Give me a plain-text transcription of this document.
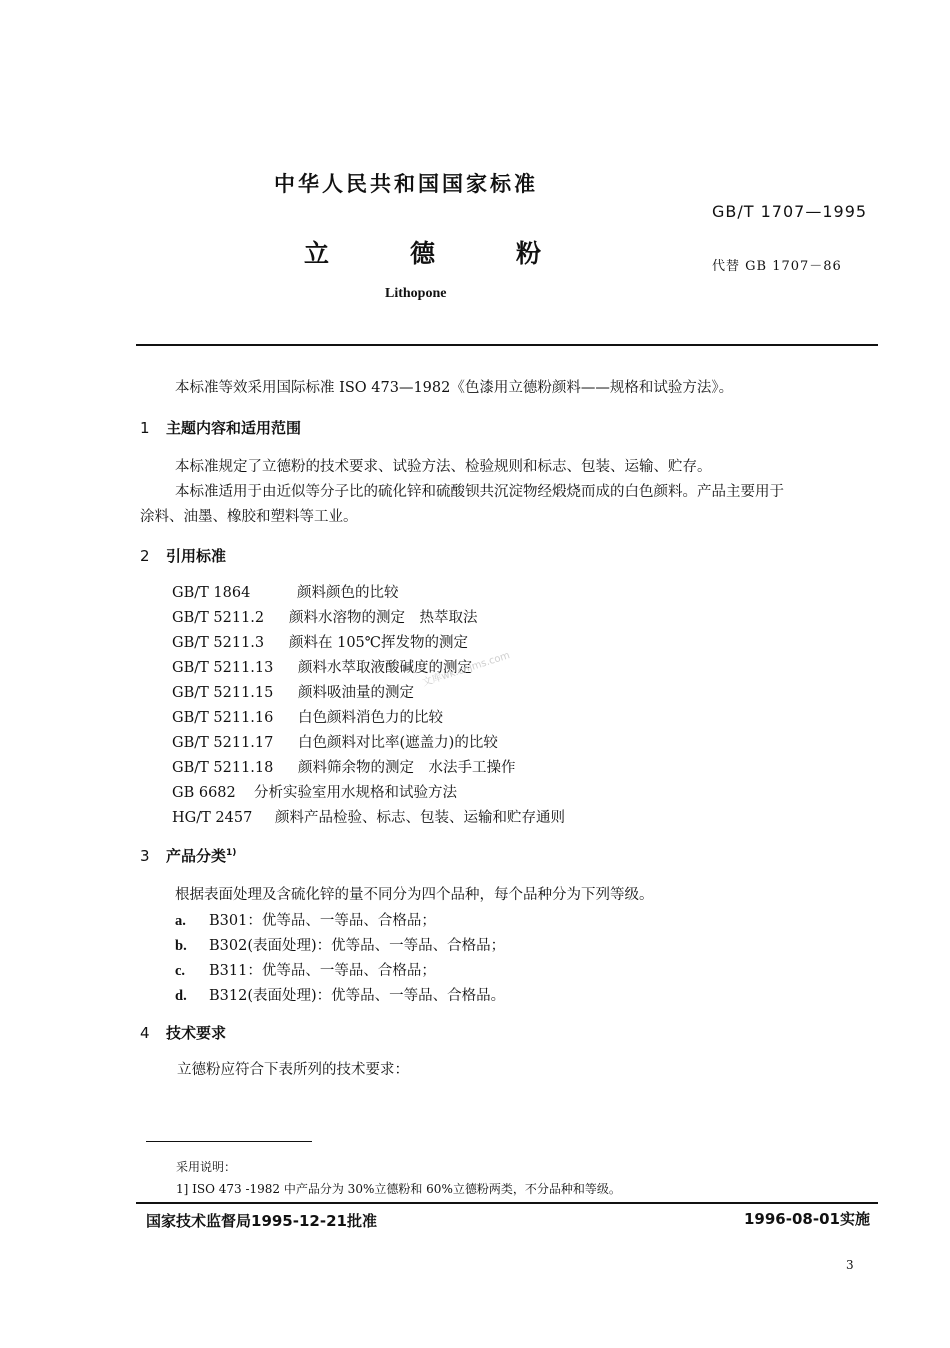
中华人民共和国国家标准
GB/T 1707—1995
立	德	粉	代替 GB 1707－86
Lithopone
本标准等效采用国际标准 ISO 473—1982《色漆用立德粉颜料——规格和试验方法》。
1 主题内容和适用范围
本标准规定了立德粉的技术要求、试验方法、检验规则和标志、包装、运输、贮存。
本标准适用于由近似等分子比的硫化锌和硫酸钡共沉淀物经煅烧而成的白色颜料。产品主要用于
涂料、油墨、橡胶和塑料等工业。
2 引用标准
GB/T 1864	颜料颜色的比较
GB/T 5211.2 颜料水溶物的测定　热萃取法
GB/T 5211.3 颜料在 105℃挥发物的测定
GB/T 5211.13 颜料水萃取液酸碱度的测定
GB/T 5211.15 颜料吸油量的测定
GB/T 5211.16 白色颜料消色力的比较
GB/T 5211.17 白色颜料对比率(遮盖力)的比较
GB/T 5211.18 颜料筛余物的测定　水法手工操作
GB 6682 分析实验室用水规格和试验方法
HG/T 2457 颜料产品检验、标志、包装、运输和贮存通则
文库wk.cnjms.com
3 产品分类$^{1)}$
根据表面处理及含硫化锌的量不同分为四个品种，每个品种分为下列等级。
a. B301：优等品、一等品、合格品；
b. B302(表面处理)：优等品、一等品、合格品；
c. B311：优等品、一等品、合格品；
d. B312(表面处理)：优等品、一等品、合格品。
4 技术要求
立德粉应符合下表所列的技术要求：
采用说明：
1] ISO 473 -1982 中产品分为 30%立德粉和 60%立德粉两类，不分品种和等级。
国家技术监督局1995-12-21批准	1996-08-01实施
3
